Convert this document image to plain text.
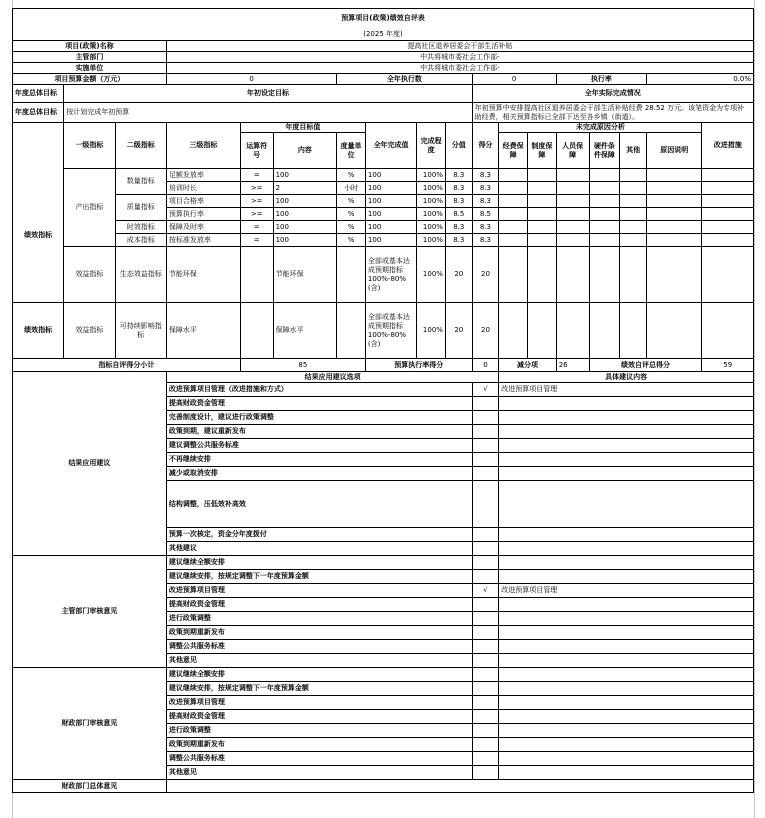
预算项目(政策)绩效自评表																	
(2025 年度)																	
项目(政策)名称			提高社区退养居委会干部生活补贴														
主管部门			中共将城市委社会工作部-														
实施单位			中共将城市委社会工作部-														
项目预算金额（万元）			0			全年执行数				0			执行率			0.0%	
年度总体目标	年初设定目标									全年实际完成情况							
年度总体目标	按计划完成年初预算									年初预算中安排提高社区退养居委会干部生活补贴经费 28.52 万元。该笔资金为专项补助经费，相关预算指标已全部下达至各乡镇（街道）。							
	一级指标	二级指标	三级指标	年度目标值			全年完成值	完成程度	分值	得分	未完成原因分析						改进措施
				运算符号	内容	度量单位					经费保障	制度保障	人员保障	硬件条件保障	其他	原因说明	
绩效指标	产出指标	数量指标	足额发放率	=	100	%	100	100%	8.3	8.3							
			培训时长	>=	2	小时	100	100%	8.3	8.3							
		质量指标	项目合格率	>=	100	%	100	100%	8.3	8.3							
			预算执行率	>=	100	%	100	100%	8.5	8.5							
		时效指标	保障及时率	=	100	%	100	100%	8.3	8.3							
		成本指标	按标准发放率	=	100	%	100	100%	8.3	8.3							
	效益指标	生态效益指标	节能环保		节能环保		全部或基本达成预期指标100%-80%(含)	100%	20	20							
绩效指标	效益指标	可持续影响指标	保障水平		保障水平		全部或基本达成预期指标100%-80%(含)	100%	20	20							
指标自评得分小计				85			预算执行率得分			0	减分项		26	绩效自评总得分			59
结果应用建议			结果应用建议选项								具体建议内容						
			改进预算项目管理（改进措施和方式）							√	改进预算项目管理						
			提高财政资金管理														
			完善制度设计，建议进行政策调整														
			政策到期，建议重新发布														
			建议调整公共服务标准														
			不再继续安排														
			减少或取消安排														
			结构调整，压低效补高效														
			预算一次核定，资金分年度拨付														
			其他建议														
主管部门审核意见			建议继续全额安排														
			建议继续安排，按规定调整下一年度预算金额														
			改进预算项目管理							√	改进预算项目管理						
			提高财政资金管理														
			进行政策调整														
			政策到期重新发布														
			调整公共服务标准														
			其他意见														
财政部门审核意见			建议继续全额安排														
			建议继续安排，按规定调整下一年度预算金额														
			改进预算项目管理														
			提高财政资金管理														
			进行政策调整														
			政策到期重新发布														
			调整公共服务标准														
			其他意见														
财政部门总体意见																	
